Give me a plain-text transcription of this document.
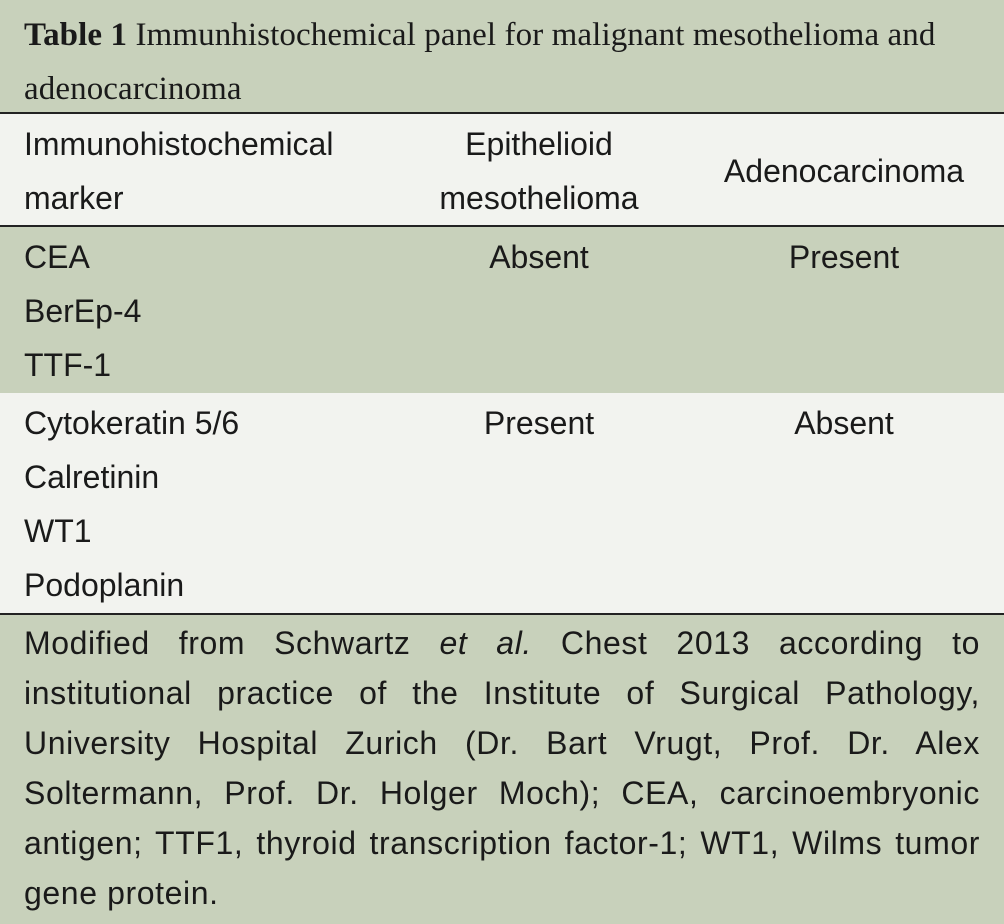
Table 1 Immunhistochemical panel for malignant mesothelioma and adenocarcinoma
Immunohistochemical marker
Epithelioid mesothelioma
Adenocarcinoma
CEA
BerEp-4
TTF-1
Absent	Present
Cytokeratin 5/6
Calretinin
WT1
Podoplanin
Present	Absent
Modified from Schwartz et al. Chest 2013 according to institutional practice of the Institute of Surgical Pathology, University Hospital Zurich (Dr. Bart Vrugt, Prof. Dr. Alex Soltermann, Prof. Dr. Holger Moch); CEA, carcinoembryonic antigen; TTF1, thyroid transcription factor-1; WT1, Wilms tumor gene protein.
